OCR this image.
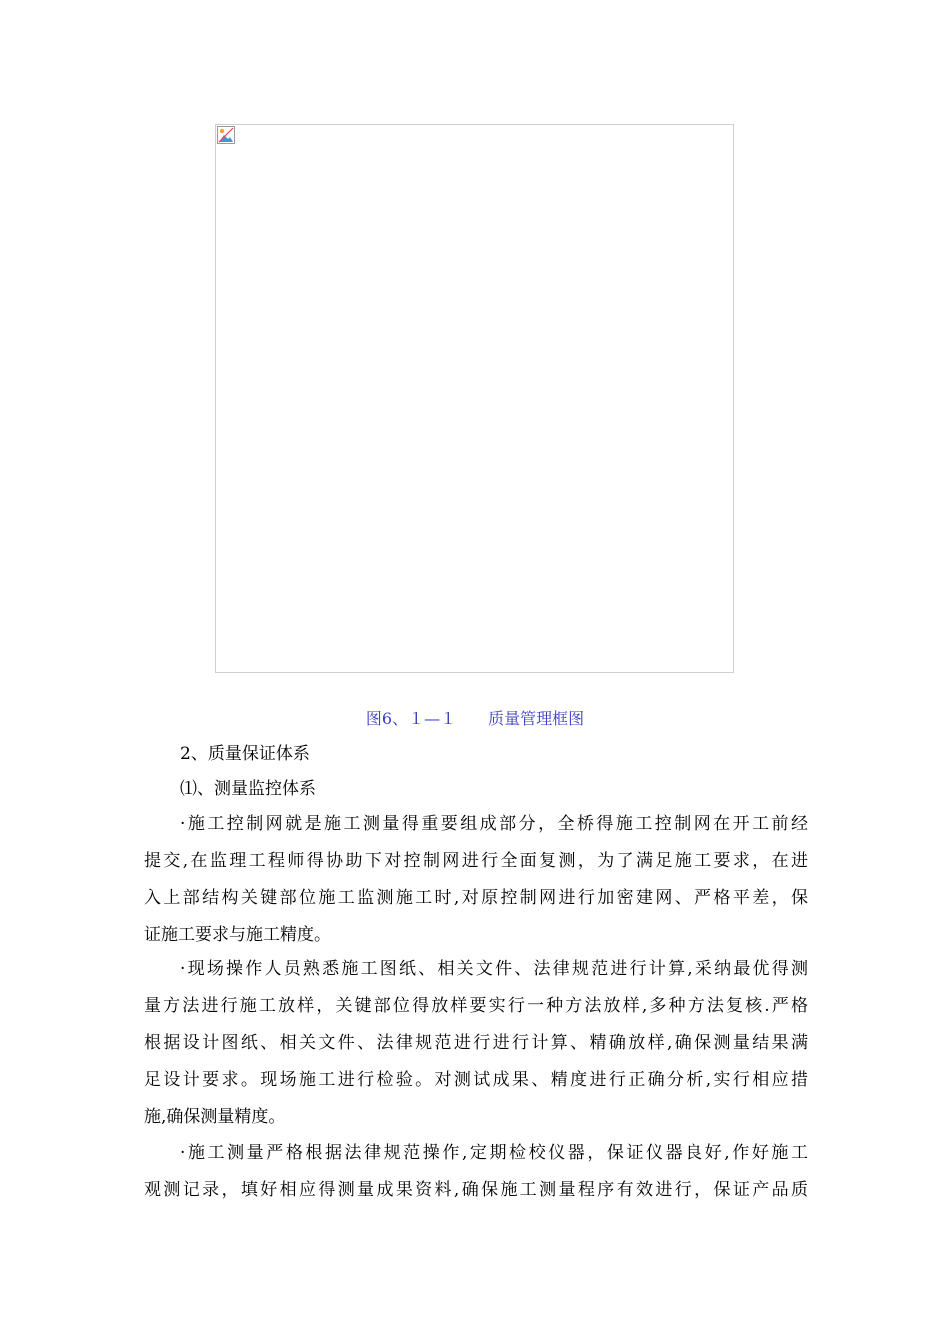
图6、１—１　　质量管理框图
2、质量保证体系
⑴、测量监控体系
·施工控制网就是施工测量得重要组成部分，全桥得施工控制网在开工前经
提交,在监理工程师得协助下对控制网进行全面复测，为了满足施工要求，在进
入上部结构关键部位施工监测施工时,对原控制网进行加密建网、严格平差，保
证施工要求与施工精度。
·现场操作人员熟悉施工图纸、相关文件、法律规范进行计算,采纳最优得测
量方法进行施工放样，关键部位得放样要实行一种方法放样,多种方法复核.严格
根据设计图纸、相关文件、法律规范进行进行计算、精确放样,确保测量结果满
足设计要求。现场施工进行检验。对测试成果、精度进行正确分析,实行相应措
施,确保测量精度。
·施工测量严格根据法律规范操作,定期检校仪器，保证仪器良好,作好施工
观测记录，填好相应得测量成果资料,确保施工测量程序有效进行，保证产品质
